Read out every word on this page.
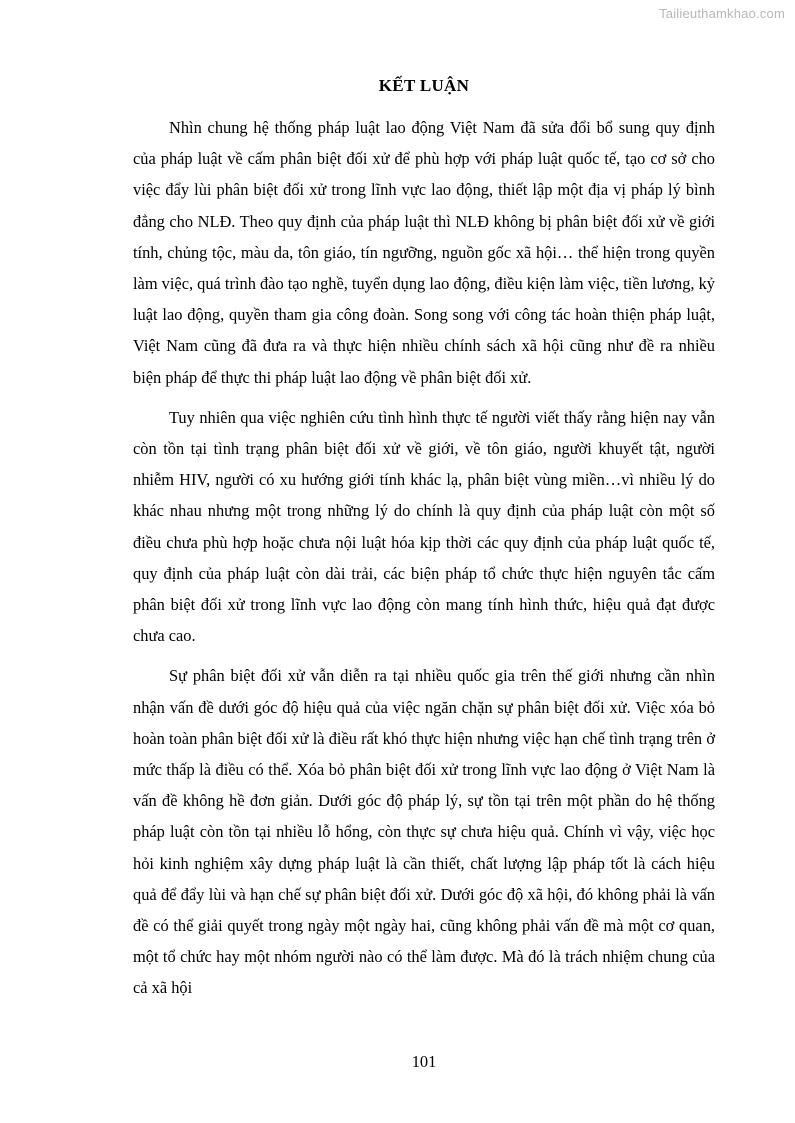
Tailieuthamkhao.com
KẾT LUẬN

Nhìn chung hệ thống pháp luật lao động Việt Nam đã sửa đổi bổ sung quy định của pháp luật về cấm phân biệt đối xử để phù hợp với pháp luật quốc tế, tạo cơ sở cho việc đẩy lùi phân biệt đối xử trong lĩnh vực lao động, thiết lập một địa vị pháp lý bình đẳng cho NLĐ. Theo quy định của pháp luật thì NLĐ không bị phân biệt đối xử về giới tính, chủng tộc, màu da, tôn giáo, tín ngưỡng, nguồn gốc xã hội… thể hiện trong quyền làm việc, quá trình đào tạo nghề, tuyển dụng lao động, điều kiện làm việc, tiền lương, kỷ luật lao động, quyền tham gia công đoàn. Song song với công tác hoàn thiện pháp luật, Việt Nam cũng đã đưa ra và thực hiện nhiều chính sách xã hội cũng như đề ra nhiều biện pháp để thực thi pháp luật lao động về phân biệt đối xử.

Tuy nhiên qua việc nghiên cứu tình hình thực tế người viết thấy rằng hiện nay vẫn còn tồn tại tình trạng phân biệt đối xử về giới, về tôn giáo, người khuyết tật, người nhiễm HIV, người có xu hướng giới tính khác lạ, phân biệt vùng miền…vì nhiều lý do khác nhau nhưng một trong những lý do chính là quy định của pháp luật còn một số điều chưa phù hợp hoặc chưa nội luật hóa kịp thời các quy định của pháp luật quốc tế, quy định của pháp luật còn dài trải, các biện pháp tổ chức thực hiện nguyên tắc cấm phân biệt đối xử trong lĩnh vực lao động còn mang tính hình thức, hiệu quả đạt được chưa cao.

Sự phân biệt đối xử vẫn diễn ra tại nhiều quốc gia trên thế giới nhưng cần nhìn nhận vấn đề dưới góc độ hiệu quả của việc ngăn chặn sự phân biệt đối xử. Việc xóa bỏ hoàn toàn phân biệt đối xử là điều rất khó thực hiện nhưng việc hạn chế tình trạng trên ở mức thấp là điều có thể. Xóa bỏ phân biệt đối xử trong lĩnh vực lao động ở Việt Nam là vấn đề không hề đơn giản. Dưới góc độ pháp lý, sự tồn tại trên một phần do hệ thống pháp luật còn tồn tại nhiều lỗ hổng, còn thực sự chưa hiệu quả. Chính vì vậy, việc học hỏi kinh nghiệm xây dựng pháp luật là cần thiết, chất lượng lập pháp tốt là cách hiệu quả để đẩy lùi và hạn chế sự phân biệt đối xử. Dưới góc độ xã hội, đó không phải là vấn đề có thể giải quyết trong ngày một ngày hai, cũng không phải vấn đề mà một cơ quan, một tổ chức hay một nhóm người nào có thể làm được. Mà đó là trách nhiệm chung của cả xã hội

101
